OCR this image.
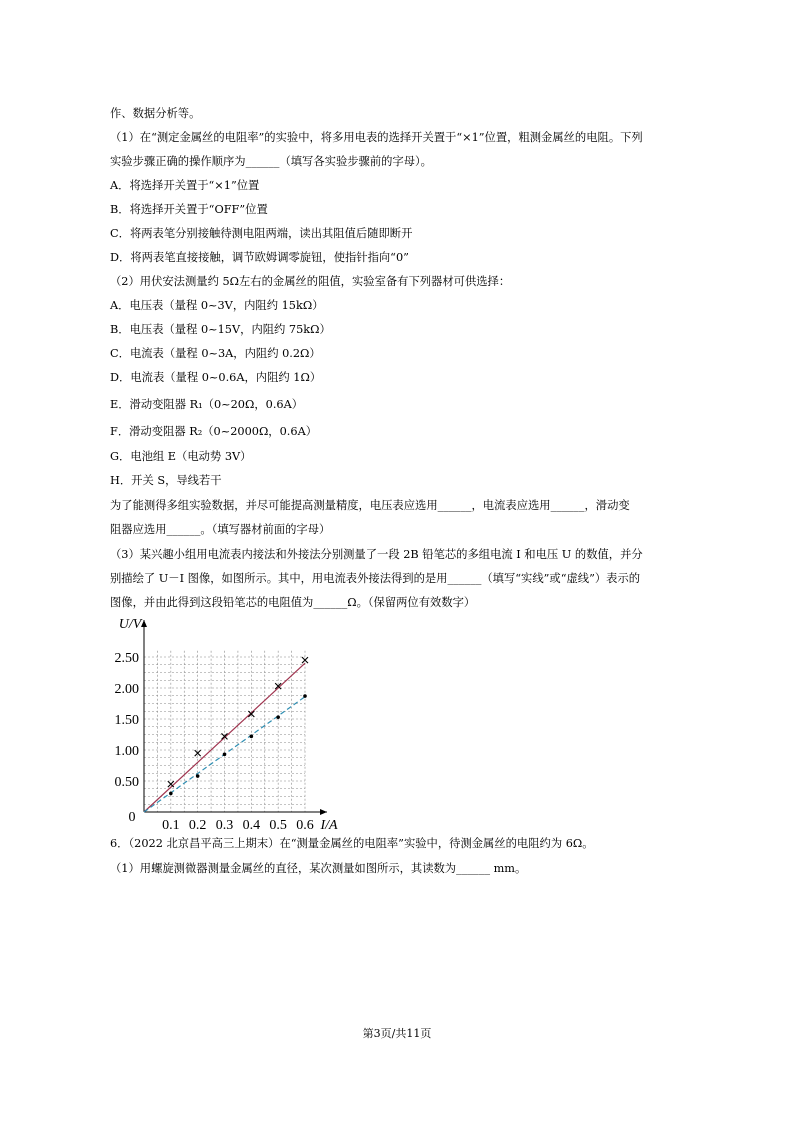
作、数据分析等。
（1）在“测定金属丝的电阻率”的实验中，将多用电表的选择开关置于“×1”位置，粗测金属丝的电阻。下列
实验步骤正确的操作顺序为______（填写各实验步骤前的字母）。
A．将选择开关置于“×1”位置
B．将选择开关置于“OFF”位置
C．将两表笔分别接触待测电阻两端，读出其阻值后随即断开
D．将两表笔直接接触，调节欧姆调零旋钮，使指针指向“0”
（2）用伏安法测量约 5Ω左右的金属丝的阻值，实验室备有下列器材可供选择：
A．电压表（量程 0~3V，内阻约 15kΩ）
B．电压表（量程 0~15V，内阻约 75kΩ）
C．电流表（量程 0~3A，内阻约 0.2Ω）
D．电流表（量程 0~0.6A，内阻约 1Ω）
E．滑动变阻器 R₁（0~20Ω，0.6A）
F．滑动变阻器 R₂（0~2000Ω，0.6A）
G．电池组 E（电动势 3V）
H．开关 S，导线若干
为了能测得多组实验数据，并尽可能提高测量精度，电压表应选用______，电流表应选用______，滑动变
阻器应选用______。（填写器材前面的字母）
（3）某兴趣小组用电流表内接法和外接法分别测量了一段 2B 铅笔芯的多组电流 I 和电压 U 的数值，并分
别描绘了 U－I 图像，如图所示。其中，用电流表外接法得到的是用______（填写“实线”或“虚线”）表示的
图像，并由此得到这段铅笔芯的电阻值为______Ω。（保留两位有效数字）
6．（2022 北京昌平高三上期末）在“测量金属丝的电阻率”实验中，待测金属丝的电阻约为 6Ω。
（1）用螺旋测微器测量金属丝的直径，某次测量如图所示，其读数为______ mm。
0.1 0.2 0.3 0.4 0.5 0.6
0.50
1.00
1.50
2.00
2.50
0
I/A
U/V
第3页/共11页
